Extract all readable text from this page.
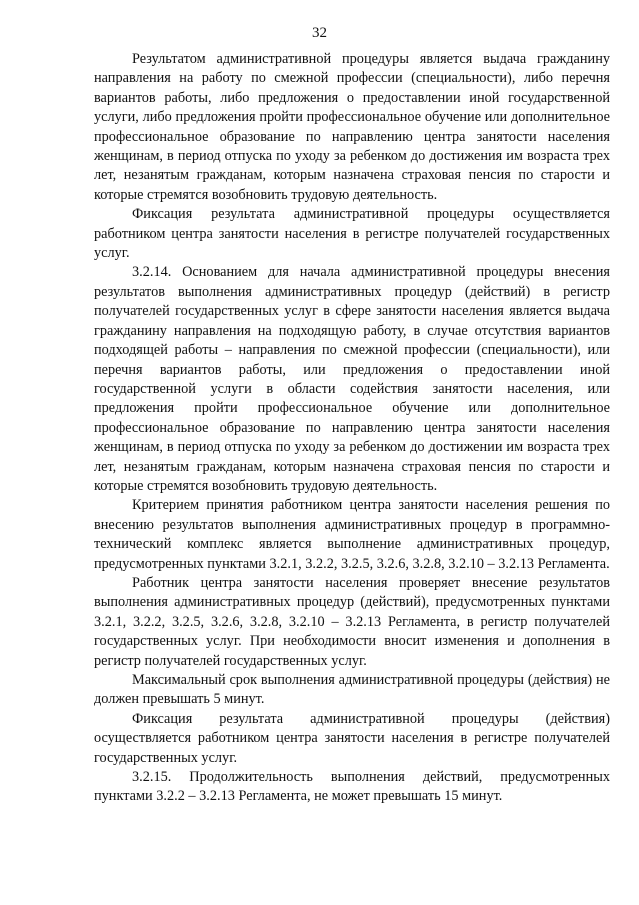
32

Результатом административной процедуры является выдача гражданину направления на работу по смежной профессии (специальности), либо перечня вариантов работы, либо предложения о предоставлении иной государственной услуги, либо предложения пройти профессиональное обучение или дополнительное профессиональное образование по направлению центра занятости населения женщинам, в период отпуска по уходу за ребенком до достижения им возраста трех лет, незанятым гражданам, которым назначена страховая пенсия по старости и которые стремятся возобновить трудовую деятельность.

Фиксация результата административной процедуры осуществляется работником центра занятости населения в регистре получателей государственных услуг.

3.2.14. Основанием для начала административной процедуры внесения результатов выполнения административных процедур (действий) в регистр получателей государственных услуг в сфере занятости населения является выдача гражданину направления на подходящую работу, в случае отсутствия вариантов подходящей работы – направления по смежной профессии (специальности), или перечня вариантов работы, или предложения о предоставлении иной государственной услуги в области содействия занятости населения, или предложения пройти профессиональное обучение или дополнительное профессиональное образование по направлению центра занятости населения женщинам, в период отпуска по уходу за ребенком до достижении им возраста трех лет, незанятым гражданам, которым назначена страховая пенсия по старости и которые стремятся возобновить трудовую деятельность.

Критерием принятия работником центра занятости населения решения по внесению результатов выполнения административных процедур в программно-технический комплекс является выполнение административных процедур, предусмотренных пунктами 3.2.1, 3.2.2, 3.2.5, 3.2.6, 3.2.8, 3.2.10 – 3.2.13 Регламента.

Работник центра занятости населения проверяет внесение результатов выполнения административных процедур (действий), предусмотренных пунктами 3.2.1, 3.2.2, 3.2.5, 3.2.6, 3.2.8, 3.2.10 – 3.2.13 Регламента, в регистр получателей государственных услуг. При необходимости вносит изменения и дополнения в регистр получателей государственных услуг.

Максимальный срок выполнения административной процедуры (действия) не должен превышать 5 минут.

Фиксация результата административной процедуры (действия) осуществляется работником центра занятости населения в регистре получателей государственных услуг.

3.2.15. Продолжительность выполнения действий, предусмотренных пунктами 3.2.2 – 3.2.13 Регламента, не может превышать 15 минут.
